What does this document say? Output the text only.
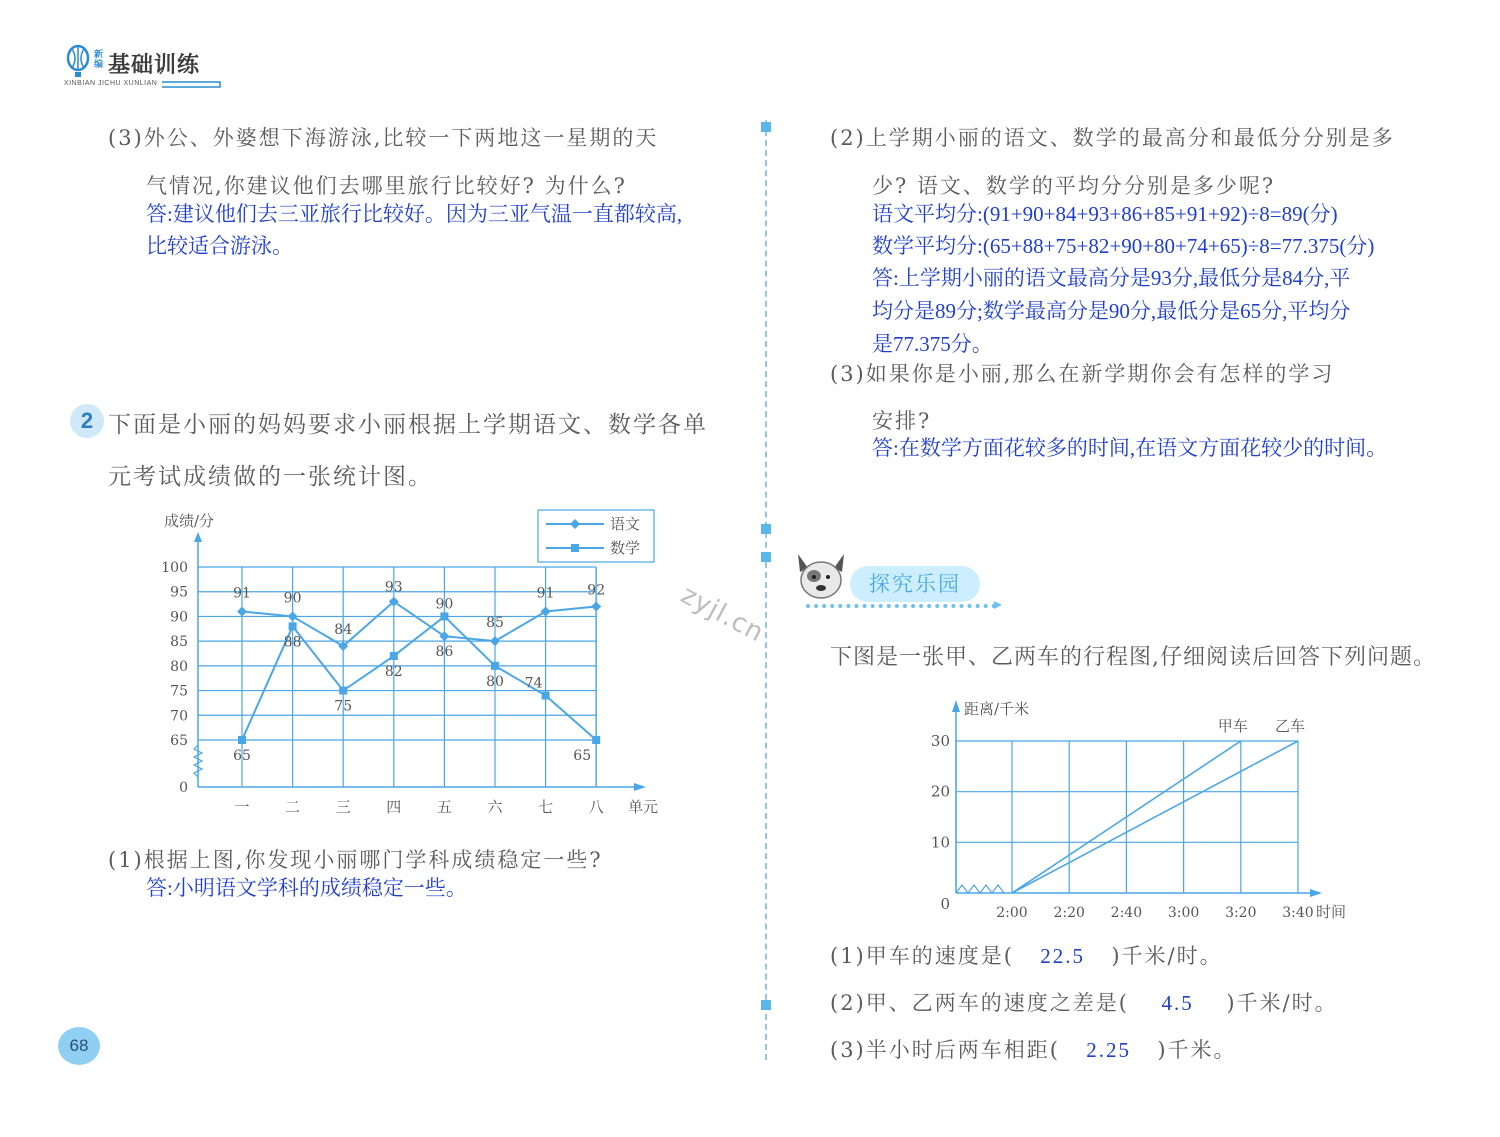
新编 基础训练
XINBIAN JICHU XUNLIAN
zyjl.cn
(3)外公、外婆想下海游泳,比较一下两地这一星期的天
气情况,你建议他们去哪里旅行比较好? 为什么?
答:建议他们去三亚旅行比较好。因为三亚气温一直都较高,
比较适合游泳。
2 下面是小丽的妈妈要求小丽根据上学期语文、数学各单
元考试成绩做的一张统计图。
0
65
70
75
80
85
90
95
100
成绩/分
一 二 三 四 五 六 七 八 单元
91 90
84
93
86
85
91 92
65
88
75
82
90
80 74
65
语文
数学
(1)根据上图,你发现小丽哪门学科成绩稳定一些?
答:小明语文学科的成绩稳定一些。
68
(2)上学期小丽的语文、数学的最高分和最低分分别是多
少? 语文、数学的平均分分别是多少呢?
语文平均分:(91+90+84+93+86+85+91+92)÷8=89(分)
数学平均分:(65+88+75+82+90+80+74+65)÷8=77.375(分)
答:上学期小丽的语文最高分是93分,最低分是84分,平
均分是89分;数学最高分是90分,最低分是65分,平均分
是77.375分。
(3)如果你是小丽,那么在新学期你会有怎样的学习
安排?
答:在数学方面花较多的时间,在语文方面花较少的时间。
探究乐园
下图是一张甲、乙两车的行程图,仔细阅读后回答下列问题。
0
10
20
30
距离/千米
2:00 2:20 2:40 3:00 3:20 3:40 时间
甲车 乙车
(1)甲车的速度是( 22.5 )千米/时。
(2)甲、乙两车的速度之差是( 4.5 )千米/时。
(3)半小时后两车相距( 2.25 )千米。
